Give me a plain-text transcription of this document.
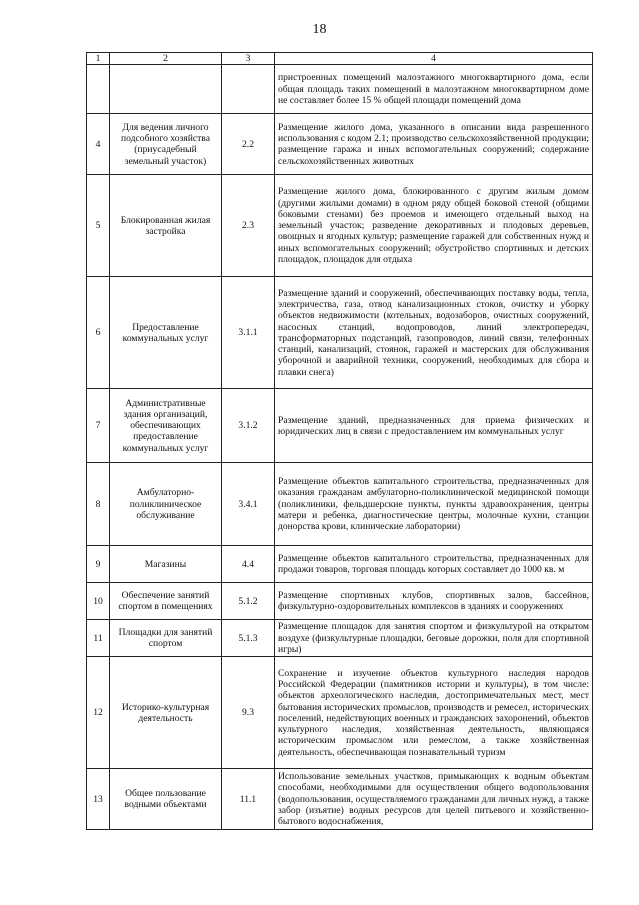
18
1	2	3	4
			пристроенных помещений малоэтажного многоквартирного дома, если общая площадь таких помещений в малоэтажном многоквартирном доме не составляет более 15 % общей площади помещений дома
4	Для ведения личного подсобного хозяйства (приусадебный земельный участок)	2.2	Размещение жилого дома, указанного в описании вида разрешенного использования с кодом 2.1; производство сельскохозяйственной продукции; размещение гаража и иных вспомогательных сооружений; содержание сельскохозяйственных животных
5	Блокированная жилая застройка	2.3	Размещение жилого дома, блокированного с другим жилым домом (другими жилыми домами) в одном ряду общей боковой стеной (общими боковыми стенами) без проемов и имеющего отдельный выход на земельный участок; разведение декоративных и плодовых деревьев, овощных и ягодных культур; размещение гаражей для собственных нужд и иных вспомогательных сооружений; обустройство спортивных и детских площадок, площадок для отдыха
6	Предоставление коммунальных услуг	3.1.1	Размещение зданий и сооружений, обеспечивающих поставку воды, тепла, электричества, газа, отвод канализационных стоков, очистку и уборку объектов недвижимости (котельных, водозаборов, очистных сооружений, насосных станций, водопроводов, линий электропередач, трансформаторных подстанций, газопроводов, линий связи, телефонных станций, канализаций, стоянок, гаражей и мастерских для обслуживания уборочной и аварийной техники, сооружений, необходимых для сбора и плавки снега)
7	Административные здания организаций, обеспечивающих предоставление коммунальных услуг	3.1.2	Размещение зданий, предназначенных для приема физических и юридических лиц в связи с предоставлением им коммунальных услуг
8	Амбулаторно-поликлиническое обслуживание	3.4.1	Размещение объектов капитального строительства, предназначенных для оказания гражданам амбулаторно-поликлинической медицинской помощи (поликлиники, фельдшерские пункты, пункты здравоохранения, центры матери и ребенка, диагностические центры, молочные кухни, станции донорства крови, клинические лаборатории)
9	Магазины	4.4	Размещение объектов капитального строительства, предназначенных для продажи товаров, торговая площадь которых составляет до 1000 кв. м
10	Обеспечение занятий спортом в помещениях	5.1.2	Размещение спортивных клубов, спортивных залов, бассейнов, физкультурно-оздоровительных комплексов в зданиях и сооружениях
11	Площадки для занятий спортом	5.1.3	Размещение площадок для занятия спортом и физкультурой на открытом воздухе (физкультурные площадки, беговые дорожки, поля для спортивной игры)
12	Историко-культурная деятельность	9.3	Сохранение и изучение объектов культурного наследия народов Российской Федерации (памятников истории и культуры), в том числе: объектов археологического наследия, достопримечательных мест, мест бытования исторических промыслов, производств и ремесел, исторических поселений, недействующих военных и гражданских захоронений, объектов культурного наследия, хозяйственная деятельность, являющаяся историческим промыслом или ремеслом, а также хозяйственная деятельность, обеспечивающая познавательный туризм
13	Общее пользование водными объектами	11.1	Использование земельных участков, примыкающих к водным объектам способами, необходимыми для осуществления общего водопользования (водопользования, осуществляемого гражданами для личных нужд, а также забор (изъятие) водных ресурсов для целей питьевого и хозяйственно-бытового водоснабжения,
